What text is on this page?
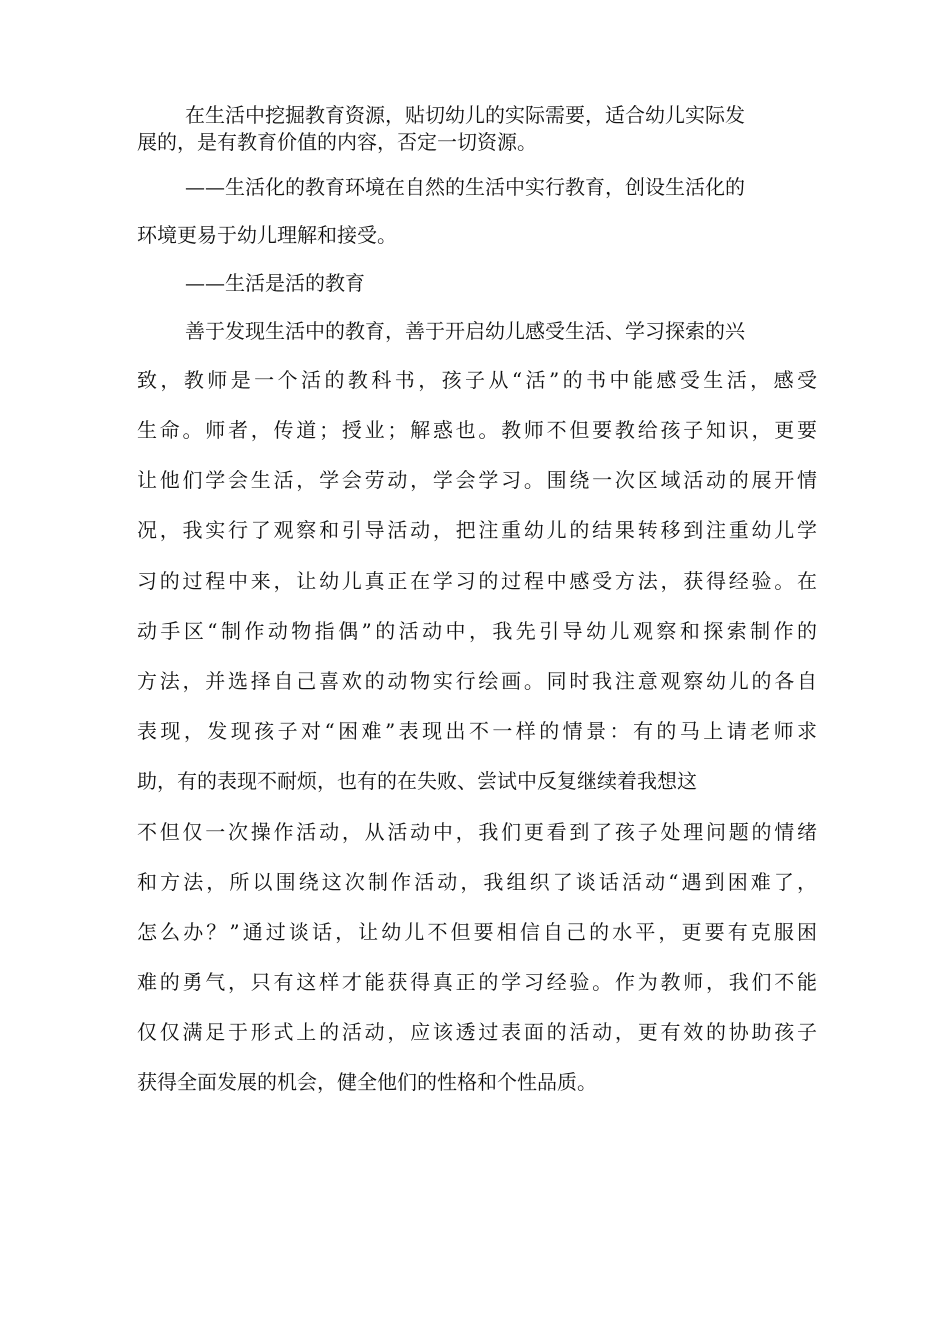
在生活中挖掘教育资源，贴切幼儿的实际需要，适合幼儿实际发

展的，是有教育价值的内容，否定一切资源。

——生活化的教育环境在自然的生活中实行教育，创设生活化的

环境更易于幼儿理解和接受。

——生活是活的教育

善于发现生活中的教育，善于开启幼儿感受生活、学习探索的兴

致，教师是一个活的教科书，孩子从“活”的书中能感受生活，感受

生命。师者，传道；授业；解惑也。教师不但要教给孩子知识，更要

让他们学会生活，学会劳动，学会学习。围绕一次区域活动的展开情

况，我实行了观察和引导活动，把注重幼儿的结果转移到注重幼儿学

习的过程中来，让幼儿真正在学习的过程中感受方法，获得经验。在

动手区“制作动物指偶”的活动中，我先引导幼儿观察和探索制作的

方法，并选择自己喜欢的动物实行绘画。同时我注意观察幼儿的各自

表现，发现孩子对“困难”表现出不一样的情景：有的马上请老师求

助，有的表现不耐烦，也有的在失败、尝试中反复继续着我想这

不但仅一次操作活动，从活动中，我们更看到了孩子处理问题的情绪

和方法，所以围绕这次制作活动，我组织了谈话活动“遇到困难了，

怎么办？”通过谈话，让幼儿不但要相信自己的水平，更要有克服困

难的勇气，只有这样才能获得真正的学习经验。作为教师，我们不能

仅仅满足于形式上的活动，应该透过表面的活动，更有效的协助孩子

获得全面发展的机会，健全他们的性格和个性品质。
